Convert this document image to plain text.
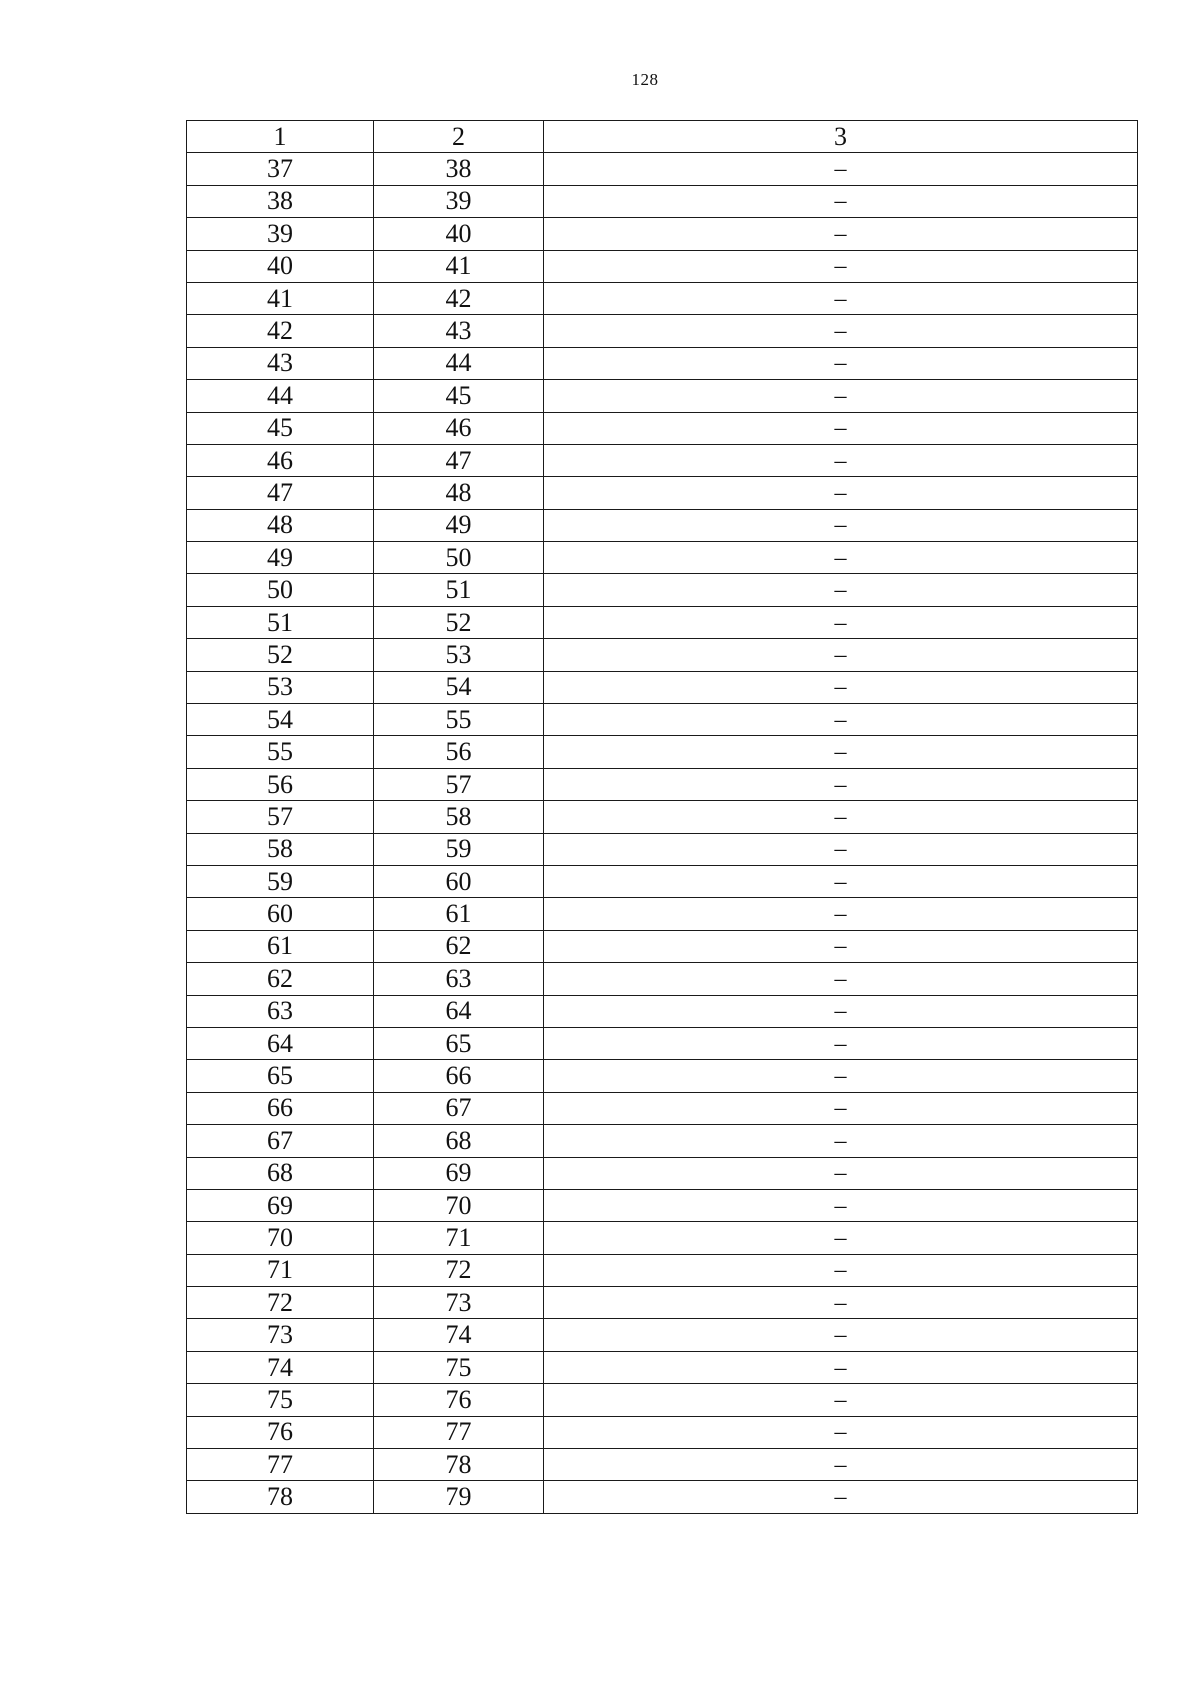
128
1	2	3
37	38	–
38	39	–
39	40	–
40	41	–
41	42	–
42	43	–
43	44	–
44	45	–
45	46	–
46	47	–
47	48	–
48	49	–
49	50	–
50	51	–
51	52	–
52	53	–
53	54	–
54	55	–
55	56	–
56	57	–
57	58	–
58	59	–
59	60	–
60	61	–
61	62	–
62	63	–
63	64	–
64	65	–
65	66	–
66	67	–
67	68	–
68	69	–
69	70	–
70	71	–
71	72	–
72	73	–
73	74	–
74	75	–
75	76	–
76	77	–
77	78	–
78	79	–
